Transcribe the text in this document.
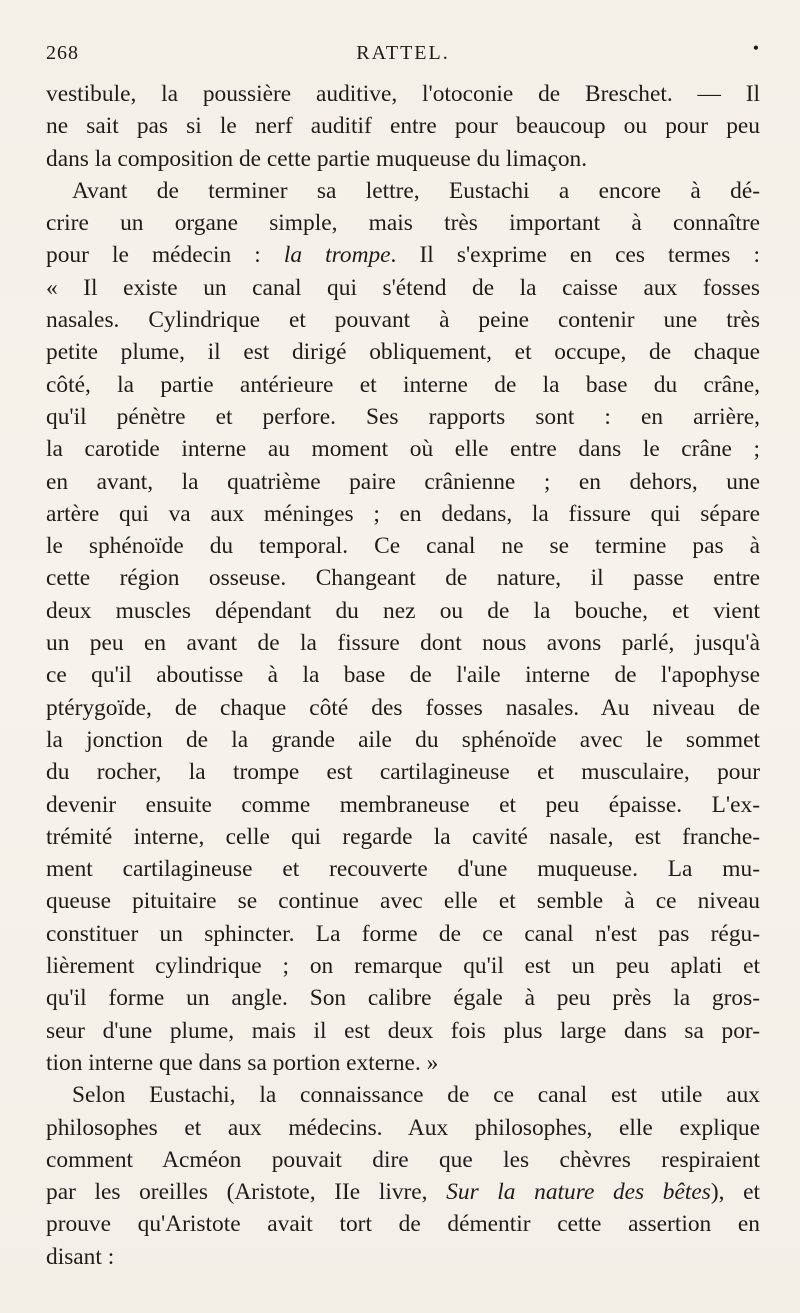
268	RATTEL.	•
vestibule, la poussière auditive, l'otoconie de Breschet. — Il
ne sait pas si le nerf auditif entre pour beaucoup ou pour peu
dans la composition de cette partie muqueuse du limaçon.
Avant de terminer sa lettre, Eustachi a encore à dé-
crire un organe simple, mais très important à connaître
pour le médecin : la trompe. Il s'exprime en ces termes :
« Il existe un canal qui s'étend de la caisse aux fosses
nasales. Cylindrique et pouvant à peine contenir une très
petite plume, il est dirigé obliquement, et occupe, de chaque
côté, la partie antérieure et interne de la base du crâne,
qu'il pénètre et perfore. Ses rapports sont : en arrière,
la carotide interne au moment où elle entre dans le crâne ;
en avant, la quatrième paire crânienne ; en dehors, une
artère qui va aux méninges ; en dedans, la fissure qui sépare
le sphénoïde du temporal. Ce canal ne se termine pas à
cette région osseuse. Changeant de nature, il passe entre
deux muscles dépendant du nez ou de la bouche, et vient
un peu en avant de la fissure dont nous avons parlé, jusqu'à
ce qu'il aboutisse à la base de l'aile interne de l'apophyse
ptérygoïde, de chaque côté des fosses nasales. Au niveau de
la jonction de la grande aile du sphénoïde avec le sommet
du rocher, la trompe est cartilagineuse et musculaire, pour
devenir ensuite comme membraneuse et peu épaisse. L'ex-
trémité interne, celle qui regarde la cavité nasale, est franche-
ment cartilagineuse et recouverte d'une muqueuse. La mu-
queuse pituitaire se continue avec elle et semble à ce niveau
constituer un sphincter. La forme de ce canal n'est pas régu-
lièrement cylindrique ; on remarque qu'il est un peu aplati et
qu'il forme un angle. Son calibre égale à peu près la gros-
seur d'une plume, mais il est deux fois plus large dans sa por-
tion interne que dans sa portion externe. »
Selon Eustachi, la connaissance de ce canal est utile aux
philosophes et aux médecins. Aux philosophes, elle explique
comment Acméon pouvait dire que les chèvres respiraient
par les oreilles (Aristote, IIe livre, Sur la nature des bêtes), et
prouve qu'Aristote avait tort de démentir cette assertion en
disant :
